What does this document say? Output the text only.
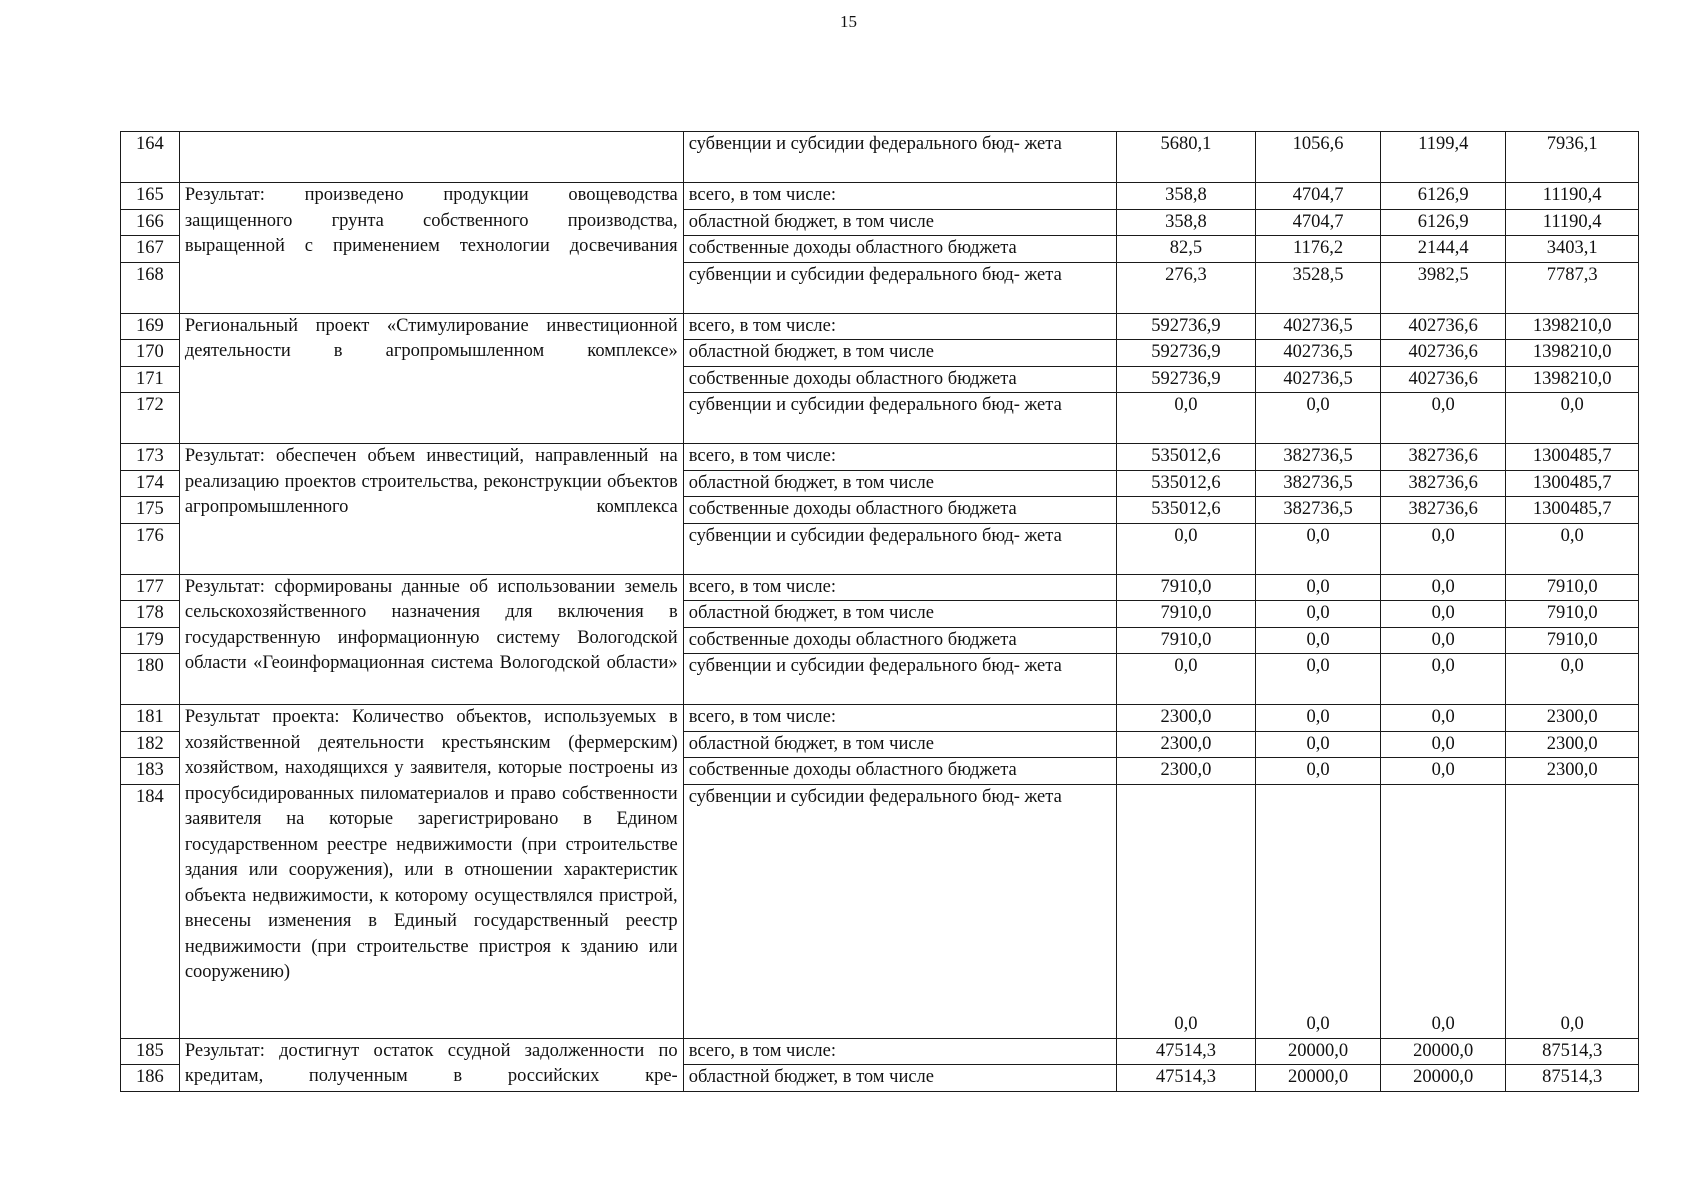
15
164		субвенции и субсидии федерального бюд- жета	5680,1	1056,6	1199,4	7936,1
165	Результат: произведено продукции овощеводства защищенного грунта собственного производства, выращенной с применением технологии досвечивания	всего, в том числе:	358,8	4704,7	6126,9	11190,4
166		областной бюджет, в том числе	358,8	4704,7	6126,9	11190,4
167		собственные доходы областного бюджета	82,5	1176,2	2144,4	3403,1
168		субвенции и субсидии федерального бюд- жета	276,3	3528,5	3982,5	7787,3
169	Региональный проект «Стимулирование инвестиционной деятельности в агропромышленном комплексе»	всего, в том числе:	592736,9	402736,5	402736,6	1398210,0
170		областной бюджет, в том числе	592736,9	402736,5	402736,6	1398210,0
171		собственные доходы областного бюджета	592736,9	402736,5	402736,6	1398210,0
172		субвенции и субсидии федерального бюд- жета	0,0	0,0	0,0	0,0
173	Результат: обеспечен объем инвестиций, направленный на реализацию проектов строительства, реконструкции объектов агропромышленного комплекса	всего, в том числе:	535012,6	382736,5	382736,6	1300485,7
174		областной бюджет, в том числе	535012,6	382736,5	382736,6	1300485,7
175		собственные доходы областного бюджета	535012,6	382736,5	382736,6	1300485,7
176		субвенции и субсидии федерального бюд- жета	0,0	0,0	0,0	0,0
177	Результат: сформированы данные об использовании земель сельскохозяйственного назначения для включения в государственную информационную систему Вологодской области «Геоинформационная система Вологодской области»	всего, в том числе:	7910,0	0,0	0,0	7910,0
178		областной бюджет, в том числе	7910,0	0,0	0,0	7910,0
179		собственные доходы областного бюджета	7910,0	0,0	0,0	7910,0
180		субвенции и субсидии федерального бюд- жета	0,0	0,0	0,0	0,0
181	Результат проекта: Количество объектов, используемых в хозяйственной деятельности крестьянским (фермерским) хозяйством, находящихся у заявителя, которые построены из просубсидированных пиломатериалов и право собственности заявителя на которые зарегистрировано в Едином государственном реестре недвижимости (при строительстве здания или сооружения), или в отношении характеристик объекта недвижимости, к которому осуществлялся пристрой, внесены изменения в Единый государственный реестр недвижимости (при строительстве пристроя к зданию или сооружению)	всего, в том числе:	2300,0	0,0	0,0	2300,0
182		областной бюджет, в том числе	2300,0	0,0	0,0	2300,0
183		собственные доходы областного бюджета	2300,0	0,0	0,0	2300,0
184		субвенции и субсидии федерального бюд- жета	0,0	0,0	0,0	0,0
185	Результат: достигнут остаток ссудной задолженности по кредитам, полученным в российских кре-	всего, в том числе:	47514,3	20000,0	20000,0	87514,3
186		областной бюджет, в том числе	47514,3	20000,0	20000,0	87514,3
